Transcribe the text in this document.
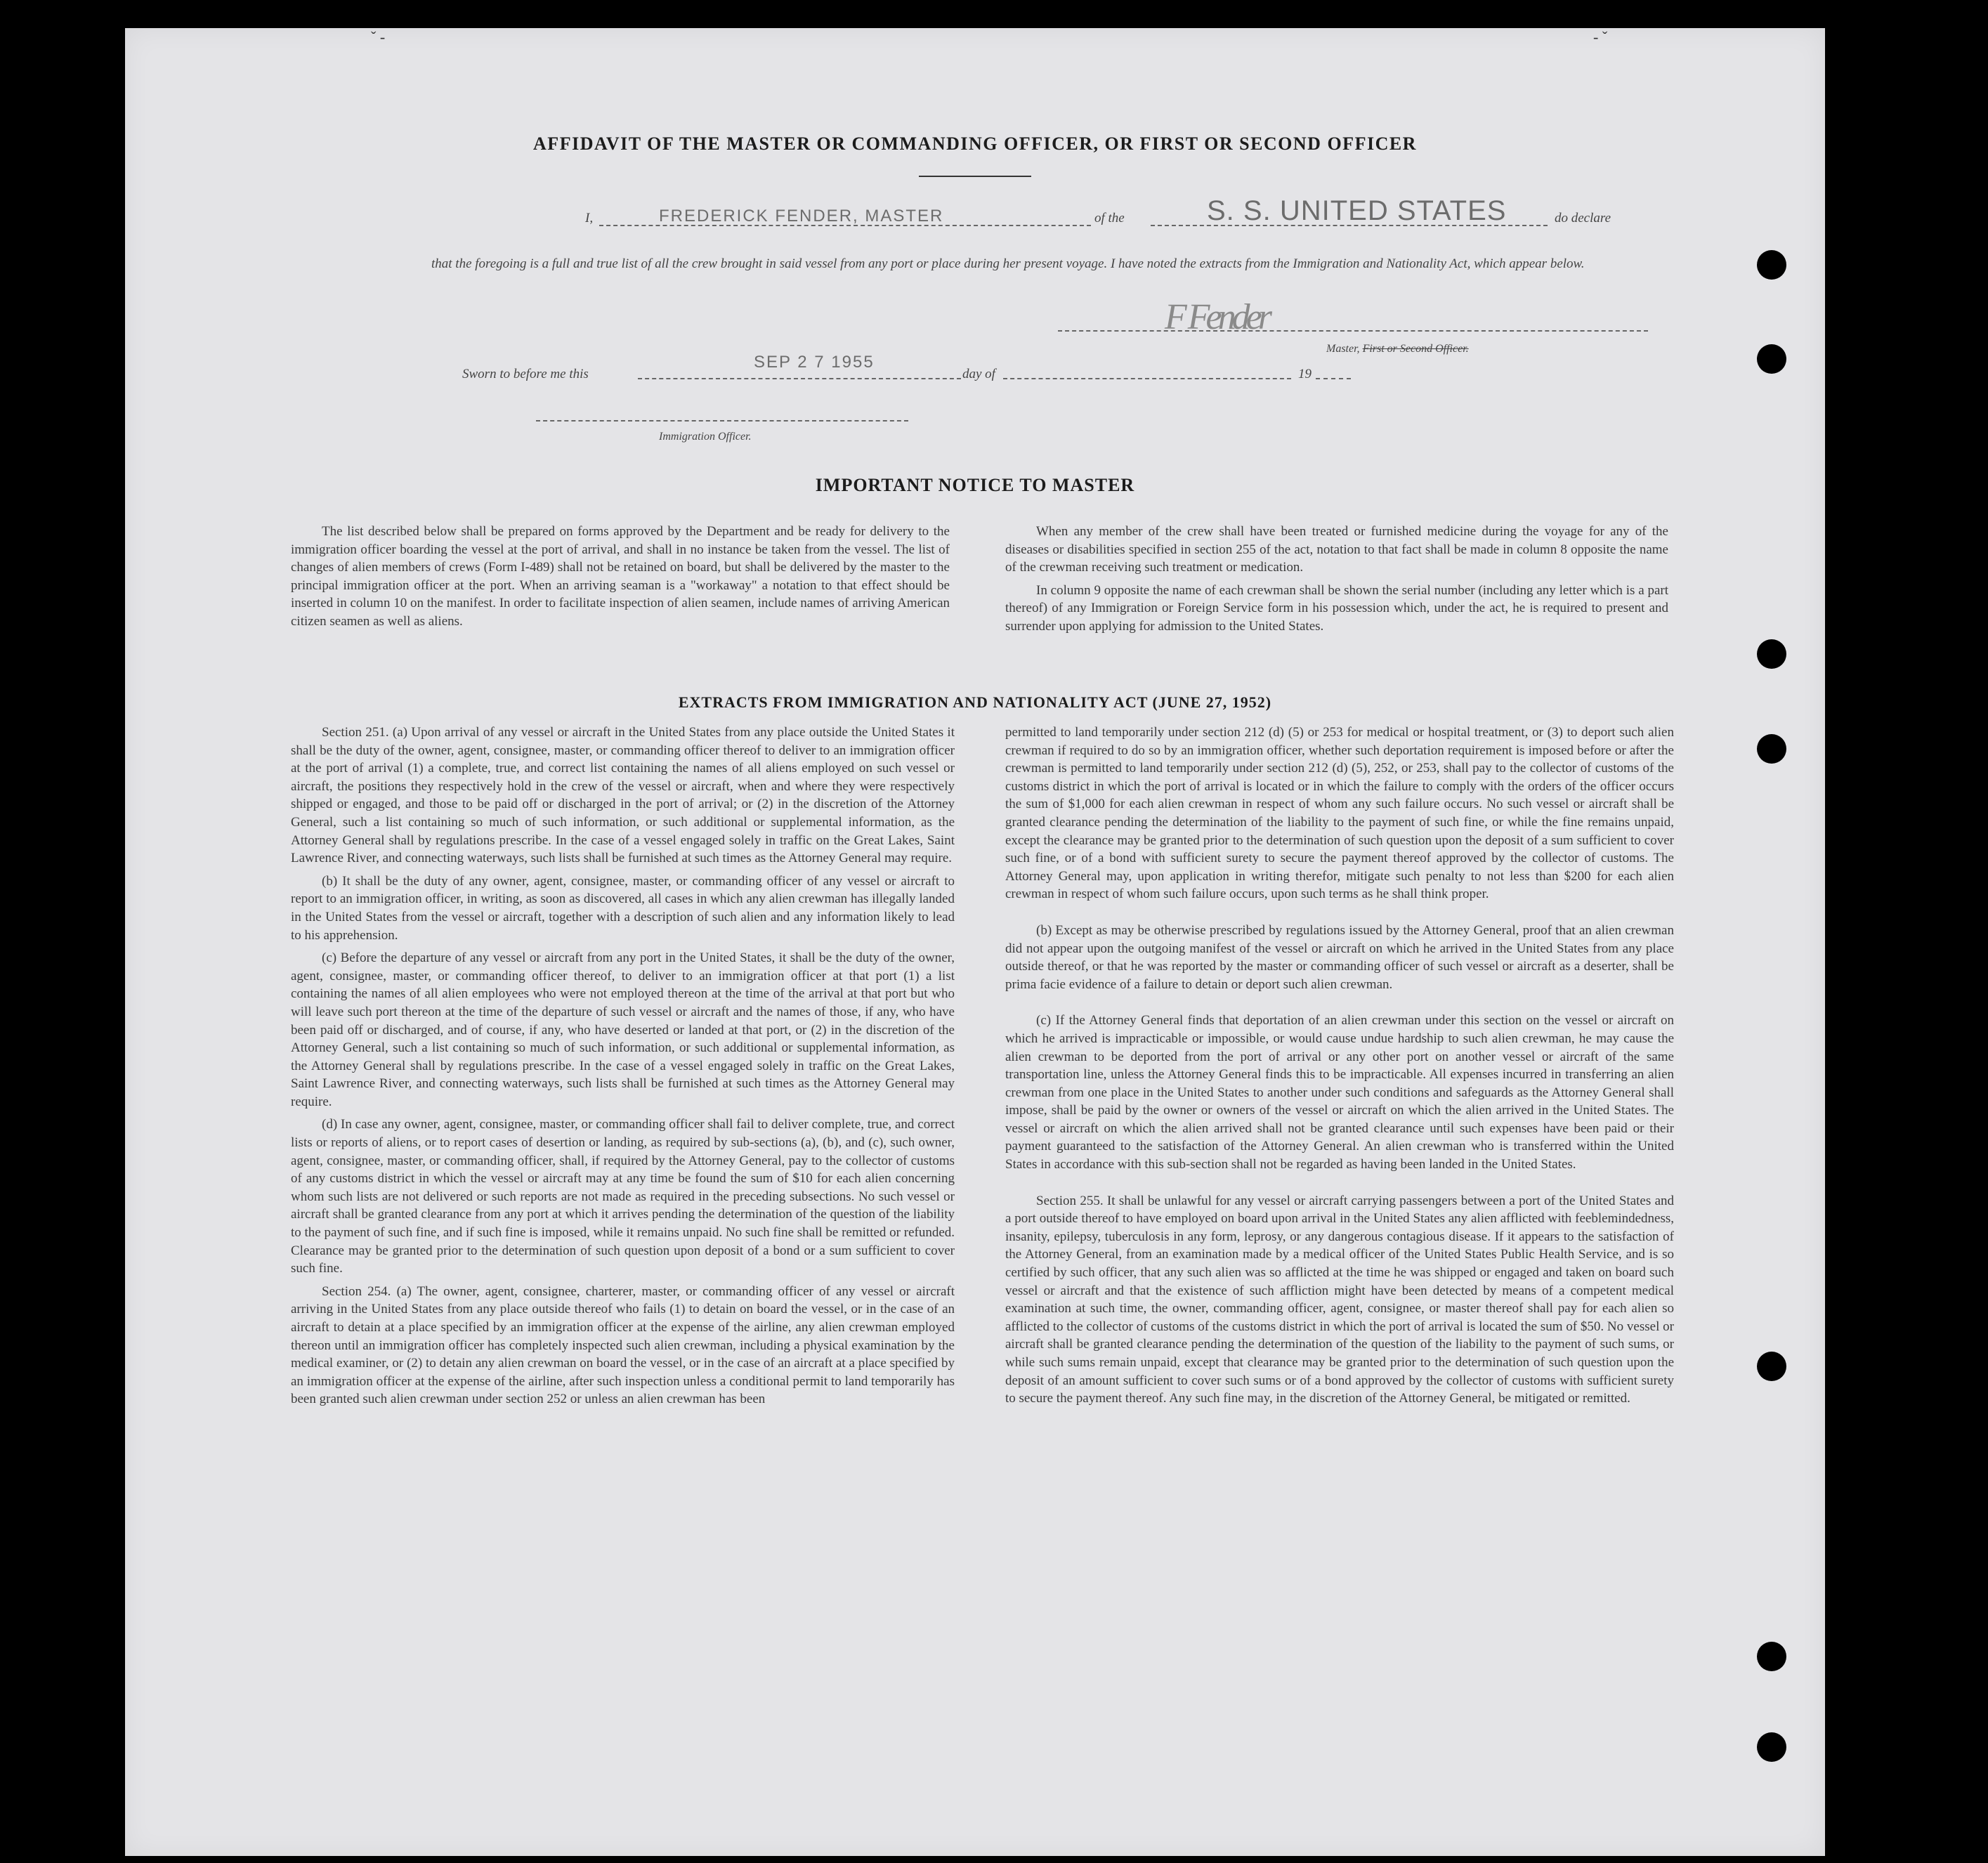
ˇ -	- ˇ
AFFIDAVIT OF THE MASTER OR COMMANDING OFFICER, OR FIRST OR SECOND OFFICER
I,	FREDERICK FENDER, MASTER	of the	S. S. UNITED STATES	do declare
that the foregoing is a full and true list of all the crew brought in said vessel from any port or place during her present voyage. I have noted the extracts from the Immigration and Nationality Act, which appear below.
F Fender
Master, First or Second Officer.
Sworn to before me this
SEP 2 7 1955
day of	19
Immigration Officer.
IMPORTANT NOTICE TO MASTER

The list described below shall be prepared on forms approved by the Department and be ready for delivery to the immigration officer boarding the vessel at the port of arrival, and shall in no instance be taken from the vessel. The list of changes of alien members of crews (Form I-489) shall not be retained on board, but shall be delivered by the master to the principal immigration officer at the port. When an arriving seaman is a "workaway" a notation to that effect should be inserted in column 10 on the manifest. In order to facilitate inspection of alien seamen, include names of arriving American citizen seamen as well as aliens.

When any member of the crew shall have been treated or furnished medicine during the voyage for any of the diseases or disabilities specified in section 255 of the act, notation to that fact shall be made in column 8 opposite the name of the crewman receiving such treatment or medication.

In column 9 opposite the name of each crewman shall be shown the serial number (including any letter which is a part thereof) of any Immigration or Foreign Service form in his possession which, under the act, he is required to present and surrender upon applying for admission to the United States.

EXTRACTS FROM IMMIGRATION AND NATIONALITY ACT (JUNE 27, 1952)

Section 251. (a) Upon arrival of any vessel or aircraft in the United States from any place outside the United States it shall be the duty of the owner, agent, consignee, master, or commanding officer thereof to deliver to an immigration officer at the port of arrival (1) a complete, true, and correct list containing the names of all aliens employed on such vessel or aircraft, the positions they respectively hold in the crew of the vessel or aircraft, when and where they were respectively shipped or engaged, and those to be paid off or discharged in the port of arrival; or (2) in the discretion of the Attorney General, such a list containing so much of such information, or such additional or supplemental information, as the Attorney General shall by regulations prescribe. In the case of a vessel engaged solely in traffic on the Great Lakes, Saint Lawrence River, and connecting waterways, such lists shall be furnished at such times as the Attorney General may require.

(b) It shall be the duty of any owner, agent, consignee, master, or commanding officer of any vessel or aircraft to report to an immigration officer, in writing, as soon as discovered, all cases in which any alien crewman has illegally landed in the United States from the vessel or aircraft, together with a description of such alien and any information likely to lead to his apprehension.

(c) Before the departure of any vessel or aircraft from any port in the United States, it shall be the duty of the owner, agent, consignee, master, or commanding officer thereof, to deliver to an immigration officer at that port (1) a list containing the names of all alien employees who were not employed thereon at the time of the arrival at that port but who will leave such port thereon at the time of the departure of such vessel or aircraft and the names of those, if any, who have been paid off or discharged, and of course, if any, who have deserted or landed at that port, or (2) in the discretion of the Attorney General, such a list containing so much of such information, or such additional or supplemental information, as the Attorney General shall by regulations prescribe. In the case of a vessel engaged solely in traffic on the Great Lakes, Saint Lawrence River, and connecting waterways, such lists shall be furnished at such times as the Attorney General may require.

(d) In case any owner, agent, consignee, master, or commanding officer shall fail to deliver complete, true, and correct lists or reports of aliens, or to report cases of desertion or landing, as required by sub-sections (a), (b), and (c), such owner, agent, consignee, master, or commanding officer, shall, if required by the Attorney General, pay to the collector of customs of any customs district in which the vessel or aircraft may at any time be found the sum of $10 for each alien concerning whom such lists are not delivered or such reports are not made as required in the preceding subsections. No such vessel or aircraft shall be granted clearance from any port at which it arrives pending the determination of the question of the liability to the payment of such fine, and if such fine is imposed, while it remains unpaid. No such fine shall be remitted or refunded. Clearance may be granted prior to the determination of such question upon deposit of a bond or a sum sufficient to cover such fine.

Section 254. (a) The owner, agent, consignee, charterer, master, or commanding officer of any vessel or aircraft arriving in the United States from any place outside thereof who fails (1) to detain on board the vessel, or in the case of an aircraft to detain at a place specified by an immigration officer at the expense of the airline, any alien crewman employed thereon until an immigration officer has completely inspected such alien crewman, including a physical examination by the medical examiner, or (2) to detain any alien crewman on board the vessel, or in the case of an aircraft at a place specified by an immigration officer at the expense of the airline, after such inspection unless a conditional permit to land temporarily has been granted such alien crewman under section 252 or unless an alien crewman has been

permitted to land temporarily under section 212 (d) (5) or 253 for medical or hospital treatment, or (3) to deport such alien crewman if required to do so by an immigration officer, whether such deportation requirement is imposed before or after the crewman is permitted to land temporarily under section 212 (d) (5), 252, or 253, shall pay to the collector of customs of the customs district in which the port of arrival is located or in which the failure to comply with the orders of the officer occurs the sum of $1,000 for each alien crewman in respect of whom any such failure occurs. No such vessel or aircraft shall be granted clearance pending the determination of the liability to the payment of such fine, or while the fine remains unpaid, except the clearance may be granted prior to the determination of such question upon the deposit of a sum sufficient to cover such fine, or of a bond with sufficient surety to secure the payment thereof approved by the collector of customs. The Attorney General may, upon application in writing therefor, mitigate such penalty to not less than $200 for each alien crewman in respect of whom such failure occurs, upon such terms as he shall think proper.

(b) Except as may be otherwise prescribed by regulations issued by the Attorney General, proof that an alien crewman did not appear upon the outgoing manifest of the vessel or aircraft on which he arrived in the United States from any place outside thereof, or that he was reported by the master or commanding officer of such vessel or aircraft as a deserter, shall be prima facie evidence of a failure to detain or deport such alien crewman.

(c) If the Attorney General finds that deportation of an alien crewman under this section on the vessel or aircraft on which he arrived is impracticable or impossible, or would cause undue hardship to such alien crewman, he may cause the alien crewman to be deported from the port of arrival or any other port on another vessel or aircraft of the same transportation line, unless the Attorney General finds this to be impracticable. All expenses incurred in transferring an alien crewman from one place in the United States to another under such conditions and safeguards as the Attorney General shall impose, shall be paid by the owner or owners of the vessel or aircraft on which the alien arrived in the United States. The vessel or aircraft on which the alien arrived shall not be granted clearance until such expenses have been paid or their payment guaranteed to the satisfaction of the Attorney General. An alien crewman who is transferred within the United States in accordance with this sub-section shall not be regarded as having been landed in the United States.

Section 255. It shall be unlawful for any vessel or aircraft carrying passengers between a port of the United States and a port outside thereof to have employed on board upon arrival in the United States any alien afflicted with feeblemindedness, insanity, epilepsy, tuberculosis in any form, leprosy, or any dangerous contagious disease. If it appears to the satisfaction of the Attorney General, from an examination made by a medical officer of the United States Public Health Service, and is so certified by such officer, that any such alien was so afflicted at the time he was shipped or engaged and taken on board such vessel or aircraft and that the existence of such affliction might have been detected by means of a competent medical examination at such time, the owner, commanding officer, agent, consignee, or master thereof shall pay for each alien so afflicted to the collector of customs of the customs district in which the port of arrival is located the sum of $50. No vessel or aircraft shall be granted clearance pending the determination of the question of the liability to the payment of such sums, or while such sums remain unpaid, except that clearance may be granted prior to the determination of such question upon the deposit of an amount sufficient to cover such sums or of a bond approved by the collector of customs with sufficient surety to secure the payment thereof. Any such fine may, in the discretion of the Attorney General, be mitigated or remitted.
